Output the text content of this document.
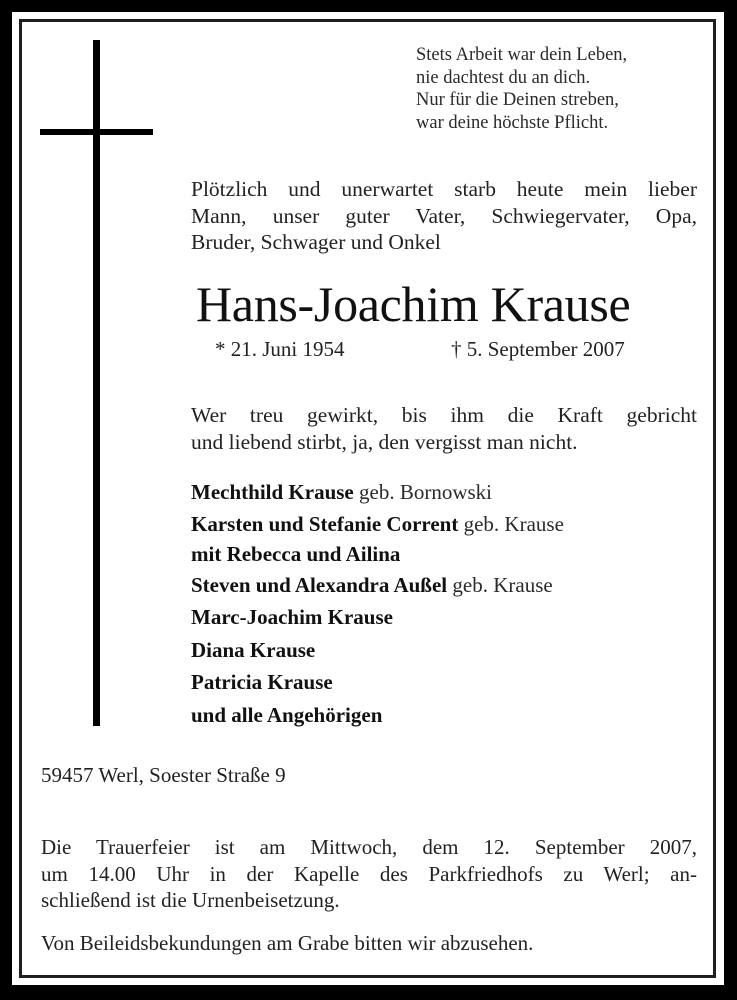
Stets Arbeit war dein Leben,
nie dachtest du an dich.
Nur für die Deinen streben,
war deine höchste Pflicht.
Plötzlich und unerwartet starb heute mein lieber
Mann, unser guter Vater, Schwiegervater, Opa,
Bruder, Schwager und Onkel
Hans-Joachim Krause
* 21. Juni 1954	† 5. September 2007
Wer treu gewirkt, bis ihm die Kraft gebricht
und liebend stirbt, ja, den vergisst man nicht.
Mechthild Krause geb. Bornowski
Karsten und Stefanie Corrent geb. Krause
mit Rebecca und Ailina
Steven und Alexandra Außel geb. Krause
Marc-Joachim Krause
Diana Krause
Patricia Krause
und alle Angehörigen
59457 Werl, Soester Straße 9
Die Trauerfeier ist am Mittwoch, dem 12. September 2007,
um 14.00 Uhr in der Kapelle des Parkfriedhofs zu Werl; an-
schließend ist die Urnenbeisetzung.
Von Beileidsbekundungen am Grabe bitten wir abzusehen.
